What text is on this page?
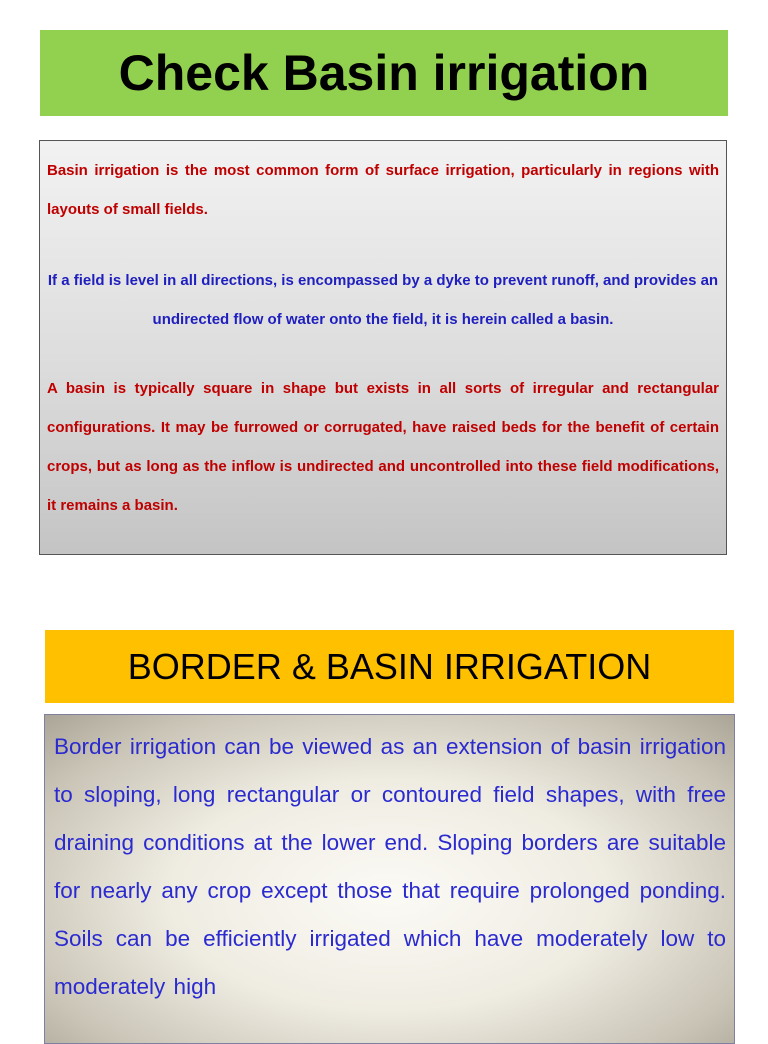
Check Basin irrigation

Basin irrigation is the most common form of surface irrigation, particularly in regions with layouts of small fields.

If a field is level in all directions, is encompassed by a dyke to prevent runoff, and provides an undirected flow of water onto the field, it is herein called a basin.

A basin is typically square in shape but exists in all sorts of irregular and rectangular configurations. It may be furrowed or corrugated, have raised beds for the benefit of certain crops, but as long as the inflow is undirected and uncontrolled into these field modifications, it remains a basin.

BORDER & BASIN IRRIGATION

Border irrigation can be viewed as an extension of basin irrigation to sloping, long rectangular or contoured field shapes, with free draining conditions at the lower end. Sloping borders are suitable for nearly any crop except those that require prolonged ponding. Soils can be efficiently irrigated which have moderately low to moderately high
